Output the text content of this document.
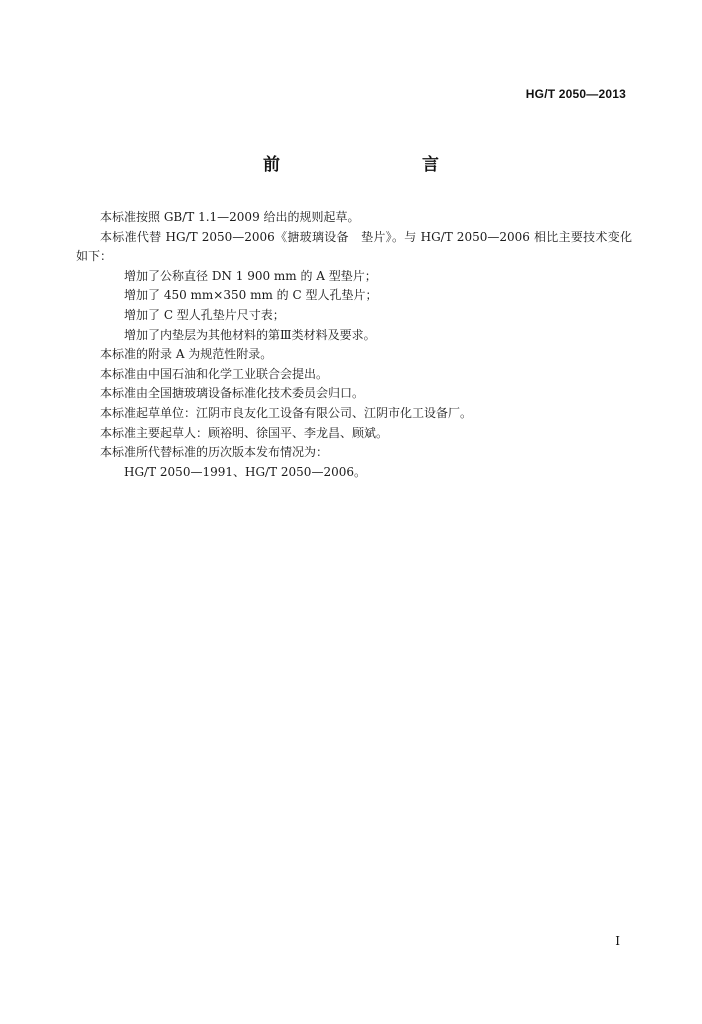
HG/T 2050—2013
前　　言

本标准按照 GB/T 1.1—2009 给出的规则起草。

本标准代替 HG/T 2050—2006《搪玻璃设备　垫片》。与 HG/T 2050—2006 相比主要技术变化如下：

增加了公称直径 DN 1 900 mm 的 A 型垫片；

增加了 450 mm×350 mm 的 C 型人孔垫片；

增加了 C 型人孔垫片尺寸表；

增加了内垫层为其他材料的第Ⅲ类材料及要求。

本标准的附录 A 为规范性附录。

本标准由中国石油和化学工业联合会提出。

本标准由全国搪玻璃设备标准化技术委员会归口。

本标准起草单位：江阴市良友化工设备有限公司、江阴市化工设备厂。

本标准主要起草人：顾裕明、徐国平、李龙昌、顾斌。

本标准所代替标准的历次版本发布情况为：

HG/T 2050—1991、HG/T 2050—2006。

I
